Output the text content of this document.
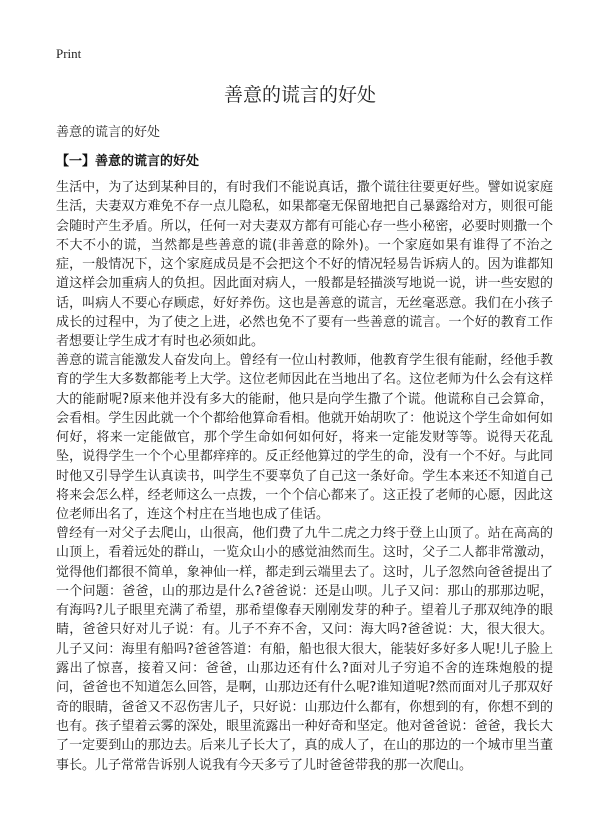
Print
善意的谎言的好处
善意的谎言的好处
【一】善意的谎言的好处

生活中，为了达到某种目的，有时我们不能说真话，撒个谎往往要更好些。譬如说家庭生活，夫妻双方难免不存一点儿隐私，如果都毫无保留地把自己暴露给对方，则很可能会随时产生矛盾。所以，任何一对夫妻双方都有可能心存一些小秘密，必要时则撒一个不大不小的谎，当然都是些善意的谎(非善意的除外)。一个家庭如果有谁得了不治之症，一般情况下，这个家庭成员是不会把这个不好的情况轻易告诉病人的。因为谁都知道这样会加重病人的负担。因此面对病人，一般都是轻描淡写地说一说，讲一些安慰的话，叫病人不要心存顾虑，好好养伤。这也是善意的谎言，无丝毫恶意。我们在小孩子成长的过程中，为了使之上进，必然也免不了要有一些善意的谎言。一个好的教育工作者想要让学生成才有时也必须如此。

善意的谎言能激发人奋发向上。曾经有一位山村教师，他教育学生很有能耐，经他手教育的学生大多数都能考上大学。这位老师因此在当地出了名。这位老师为什么会有这样大的能耐呢?原来他并没有多大的能耐，他只是向学生撒了个谎。他谎称自己会算命，会看相。学生因此就一个个都给他算命看相。他就开始胡吹了：他说这个学生命如何如何好，将来一定能做官，那个学生命如何如何好，将来一定能发财等等。说得天花乱坠，说得学生一个个心里都痒痒的。反正经他算过的学生的命，没有一个不好。与此同时他又引导学生认真读书，叫学生不要辜负了自己这一条好命。学生本来还不知道自己将来会怎么样，经老师这么一点拨，一个个信心都来了。这正投了老师的心愿，因此这位老师出名了，连这个村庄在当地也成了佳话。

曾经有一对父子去爬山，山很高，他们费了九牛二虎之力终于登上山顶了。站在高高的山顶上，看着远处的群山，一览众山小的感觉油然而生。这时，父子二人都非常激动，觉得他们都很不简单，象神仙一样，都走到云端里去了。这时，儿子忽然向爸爸提出了一个问题：爸爸，山的那边是什么?爸爸说：还是山呗。儿子又问：那山的那那边呢，有海吗?儿子眼里充满了希望，那希望像春天刚刚发芽的种子。望着儿子那双纯净的眼睛，爸爸只好对儿子说：有。儿子不弃不舍，又问：海大吗?爸爸说：大，很大很大。儿子又问：海里有船吗?爸爸答道：有船，船也很大很大，能装好多好多人呢!儿子脸上露出了惊喜，接着又问：爸爸，山那边还有什么?面对儿子穷追不舍的连珠炮般的提问，爸爸也不知道怎么回答，是啊，山那边还有什么呢?谁知道呢?然而面对儿子那双好奇的眼睛，爸爸又不忍伤害儿子，只好说：山那边什么都有，你想到的有，你想不到的也有。孩子望着云雾的深处，眼里流露出一种好奇和坚定。他对爸爸说：爸爸，我长大了一定要到山的那边去。后来儿子长大了，真的成人了，在山的那边的一个城市里当董事长。儿子常常告诉别人说我有今天多亏了儿时爸爸带我的那一次爬山。
